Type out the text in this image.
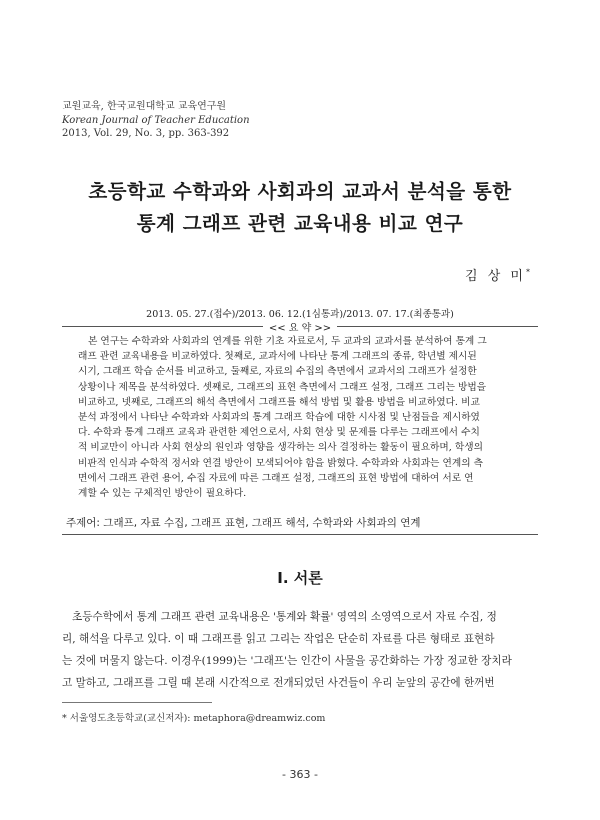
교원교육, 한국교원대학교 교육연구원
Korean Journal of Teacher Education
2013, Vol. 29, No. 3, pp. 363-392
초등학교 수학과와 사회과의 교과서 분석을 통한
통계 그래프 관련 교육내용 비교 연구
김 상 미*
2013. 05. 27.(접수)/2013. 06. 12.(1심통과)/2013. 07. 17.(최종통과)
<< 요 약 >>
본 연구는 수학과와 사회과의 연계를 위한 기초 자료로서, 두 교과의 교과서를 분석하여 통계 그
래프 관련 교육내용을 비교하였다. 첫째로, 교과서에 나타난 통계 그래프의 종류, 학년별 제시된
시기, 그래프 학습 순서를 비교하고, 둘째로, 자료의 수집의 측면에서 교과서의 그래프가 설정한
상황이나 제목을 분석하였다. 셋째로, 그래프의 표현 측면에서 그래프 설정, 그래프 그리는 방법을
비교하고, 넷째로, 그래프의 해석 측면에서 그래프를 해석 방법 및 활용 방법을 비교하였다. 비교
분석 과정에서 나타난 수학과와 사회과의 통계 그래프 학습에 대한 시사점 및 난점들을 제시하였
다. 수학과 통계 그래프 교육과 관련한 제언으로서, 사회 현상 및 문제를 다루는 그래프에서 수치
적 비교만이 아니라 사회 현상의 원인과 영향을 생각하는 의사 결정하는 활동이 필요하며, 학생의
비판적 인식과 수학적 정서와 연결 방안이 모색되어야 함을 밝혔다. 수학과와 사회과는 연계의 측
면에서 그래프 관련 용어, 수집 자료에 따른 그래프 설정, 그래프의 표현 방법에 대하여 서로 연
계할 수 있는 구체적인 방안이 필요하다.
주제어: 그래프, 자료 수집, 그래프 표현, 그래프 해석, 수학과와 사회과의 연계
Ⅰ. 서론
초등수학에서 통계 그래프 관련 교육내용은 '통계와 확률' 영역의 소영역으로서 자료 수집, 정
리, 해석을 다루고 있다. 이 때 그래프를 읽고 그리는 작업은 단순히 자료를 다른 형태로 표현하
는 것에 머물지 않는다. 이경우(1999)는 '그래프'는 인간이 사물을 공간화하는 가장 정교한 장치라
고 말하고, 그래프를 그릴 때 본래 시간적으로 전개되었던 사건들이 우리 눈앞의 공간에 한꺼번
* 서울영도초등학교(교신저자): metaphora@dreamwiz.com
- 363 -
